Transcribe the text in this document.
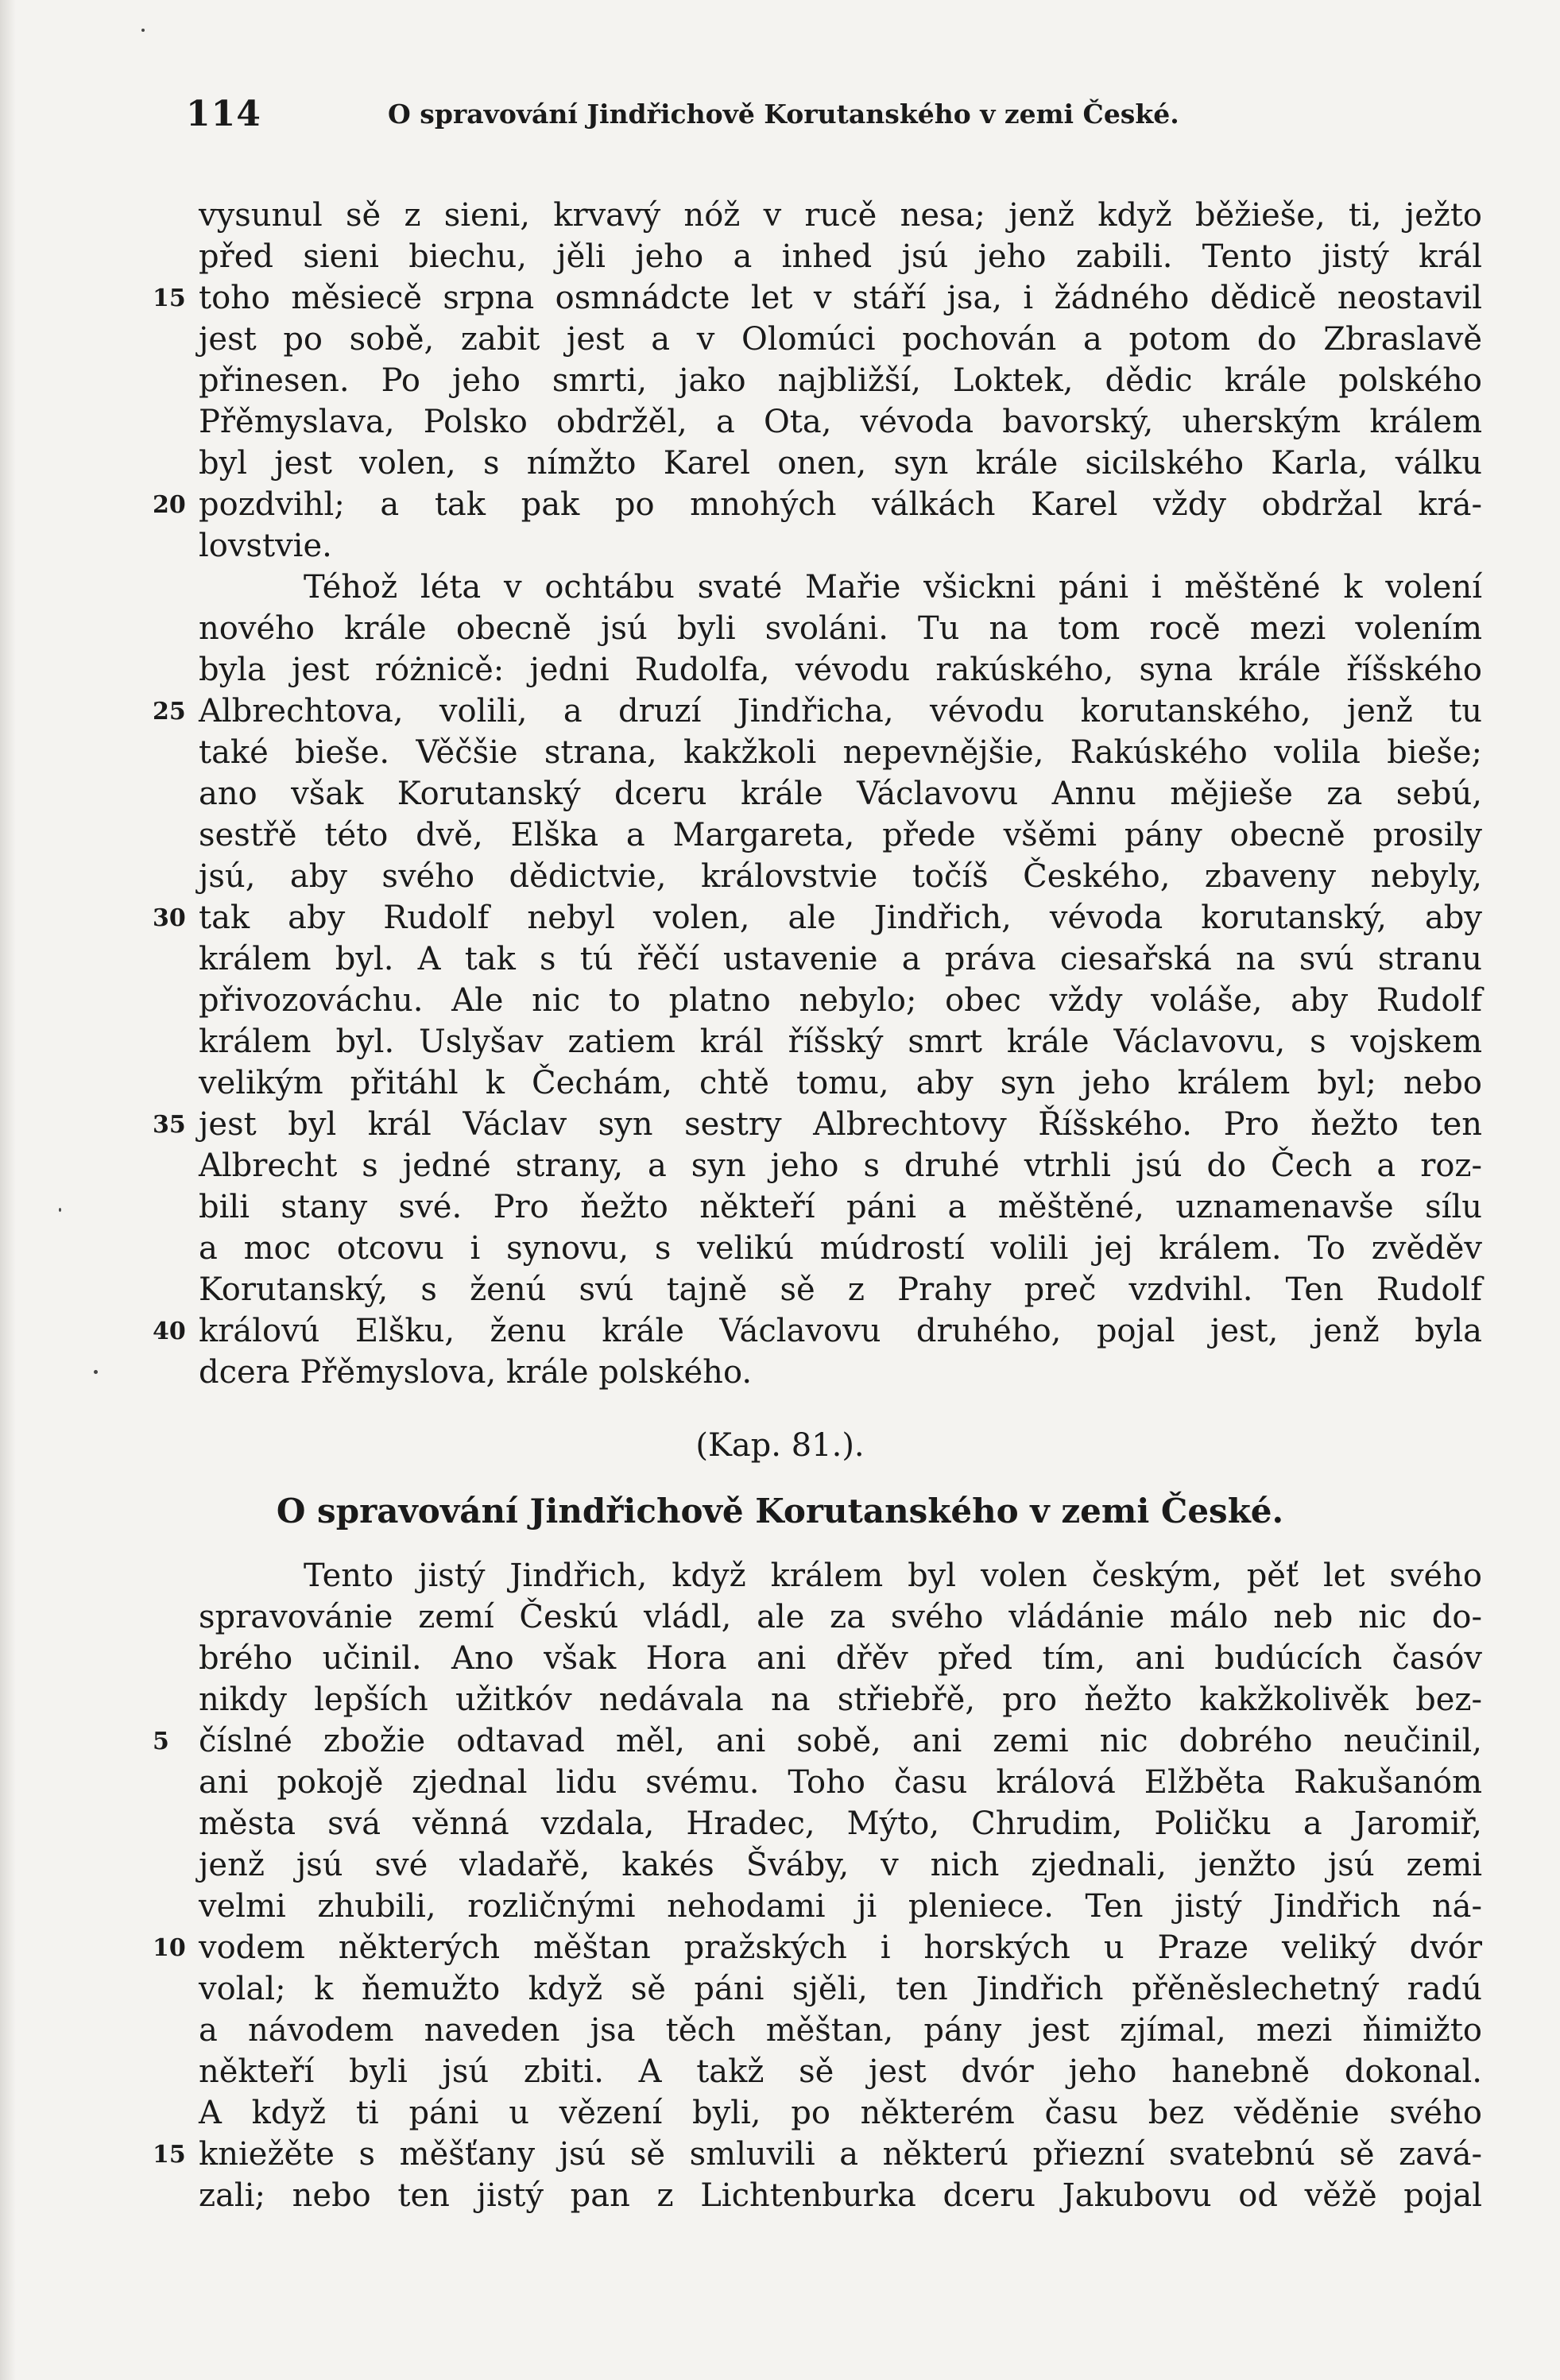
114	O spravování Jindřichově Korutanského v zemi České.
vysunul sě z sieni, krvavý nóž v rucě nesa; jenž když běžieše, ti, ježto
před sieni biechu, jěli jeho a inhed jsú jeho zabili. Tento jistý král
15 toho měsiecě srpna osmnádcte let v stáří jsa, i žádného dědicě neostavil
jest po sobě, zabit jest a v Olomúci pochován a potom do Zbraslavě
přinesen. Po jeho smrti, jako najbližší, Loktek, dědic krále polského
Přěmyslava, Polsko obdržěl, a Ota, vévoda bavorský, uherským králem
byl jest volen, s nímžto Karel onen, syn krále sicilského Karla, válku
20 pozdvihl; a tak pak po mnohých válkách Karel vždy obdržal krá-
lovstvie.
Téhož léta v ochtábu svaté Mařie všickni páni i měštěné k volení
nového krále obecně jsú byli svoláni. Tu na tom rocě mezi volením
byla jest różnicě: jedni Rudolfa, vévodu rakúského, syna krále říšského
25 Albrechtova, volili, a druzí Jindřicha, vévodu korutanského, jenž tu
také bieše. Věčšie strana, kakžkoli nepevnějšie, Rakúského volila bieše;
ano však Korutanský dceru krále Václavovu Annu mějieše za sebú,
sestřě této dvě, Elška a Margareta, přede všěmi pány obecně prosily
jsú, aby svého dědictvie, královstvie točíš Českého, zbaveny nebyly,
30 tak aby Rudolf nebyl volen, ale Jindřich, vévoda korutanský, aby
králem byl. A tak s tú řěčí ustavenie a práva ciesařská na svú stranu
přivozováchu. Ale nic to platno nebylo; obec vždy voláše, aby Rudolf
králem byl. Uslyšav zatiem král říšský smrt krále Václavovu, s vojskem
velikým přitáhl k Čechám, chtě tomu, aby syn jeho králem byl; nebo
35 jest byl král Václav syn sestry Albrechtovy Říšského. Pro ňežto ten
Albrecht s jedné strany, a syn jeho s druhé vtrhli jsú do Čech a roz-
bili stany své. Pro ňežto někteří páni a měštěné, uznamenavše sílu
a moc otcovu i synovu, s velikú múdrostí volili jej králem. To zvěděv
Korutanský, s ženú svú tajně sě z Prahy preč vzdvihl. Ten Rudolf
40 královú Elšku, ženu krále Václavovu druhého, pojal jest, jenž byla
dcera Přěmyslova, krále polského.
(Kap. 81.).
O spravování Jindřichově Korutanského v zemi České.
Tento jistý Jindřich, když králem byl volen českým, pěť let svého
spravovánie zemí Českú vládl, ale za svého vládánie málo neb nic do-
brého učinil. Ano však Hora ani dřěv před tím, ani budúcích časóv
nikdy lepších užitkóv nedávala na střiebřě, pro ňežto kakžkolivěk bez-
5 číslné zbožie odtavad měl, ani sobě, ani zemi nic dobrého neučinil,
ani pokojě zjednal lidu svému. Toho času králová Elžběta Rakušanóm
města svá věnná vzdala, Hradec, Mýto, Chrudim, Poličku a Jaromiř,
jenž jsú své vladařě, kakés Šváby, v nich zjednali, jenžto jsú zemi
velmi zhubili, rozličnými nehodami ji pleniece. Ten jistý Jindřich ná-
10 vodem některých měštan pražských i horských u Praze veliký dvór
volal; k ňemužto když sě páni sjěli, ten Jindřich přěněslechetný radú
a návodem naveden jsa těch měštan, pány jest zjímal, mezi ňimižto
někteří byli jsú zbiti. A takž sě jest dvór jeho hanebně dokonal.
A když ti páni u vězení byli, po některém času bez věděnie svého
15 kniežěte s měšťany jsú sě smluvili a některú přiezní svatebnú sě zavá-
zali; nebo ten jistý pan z Lichtenburka dceru Jakubovu od věžě pojal
